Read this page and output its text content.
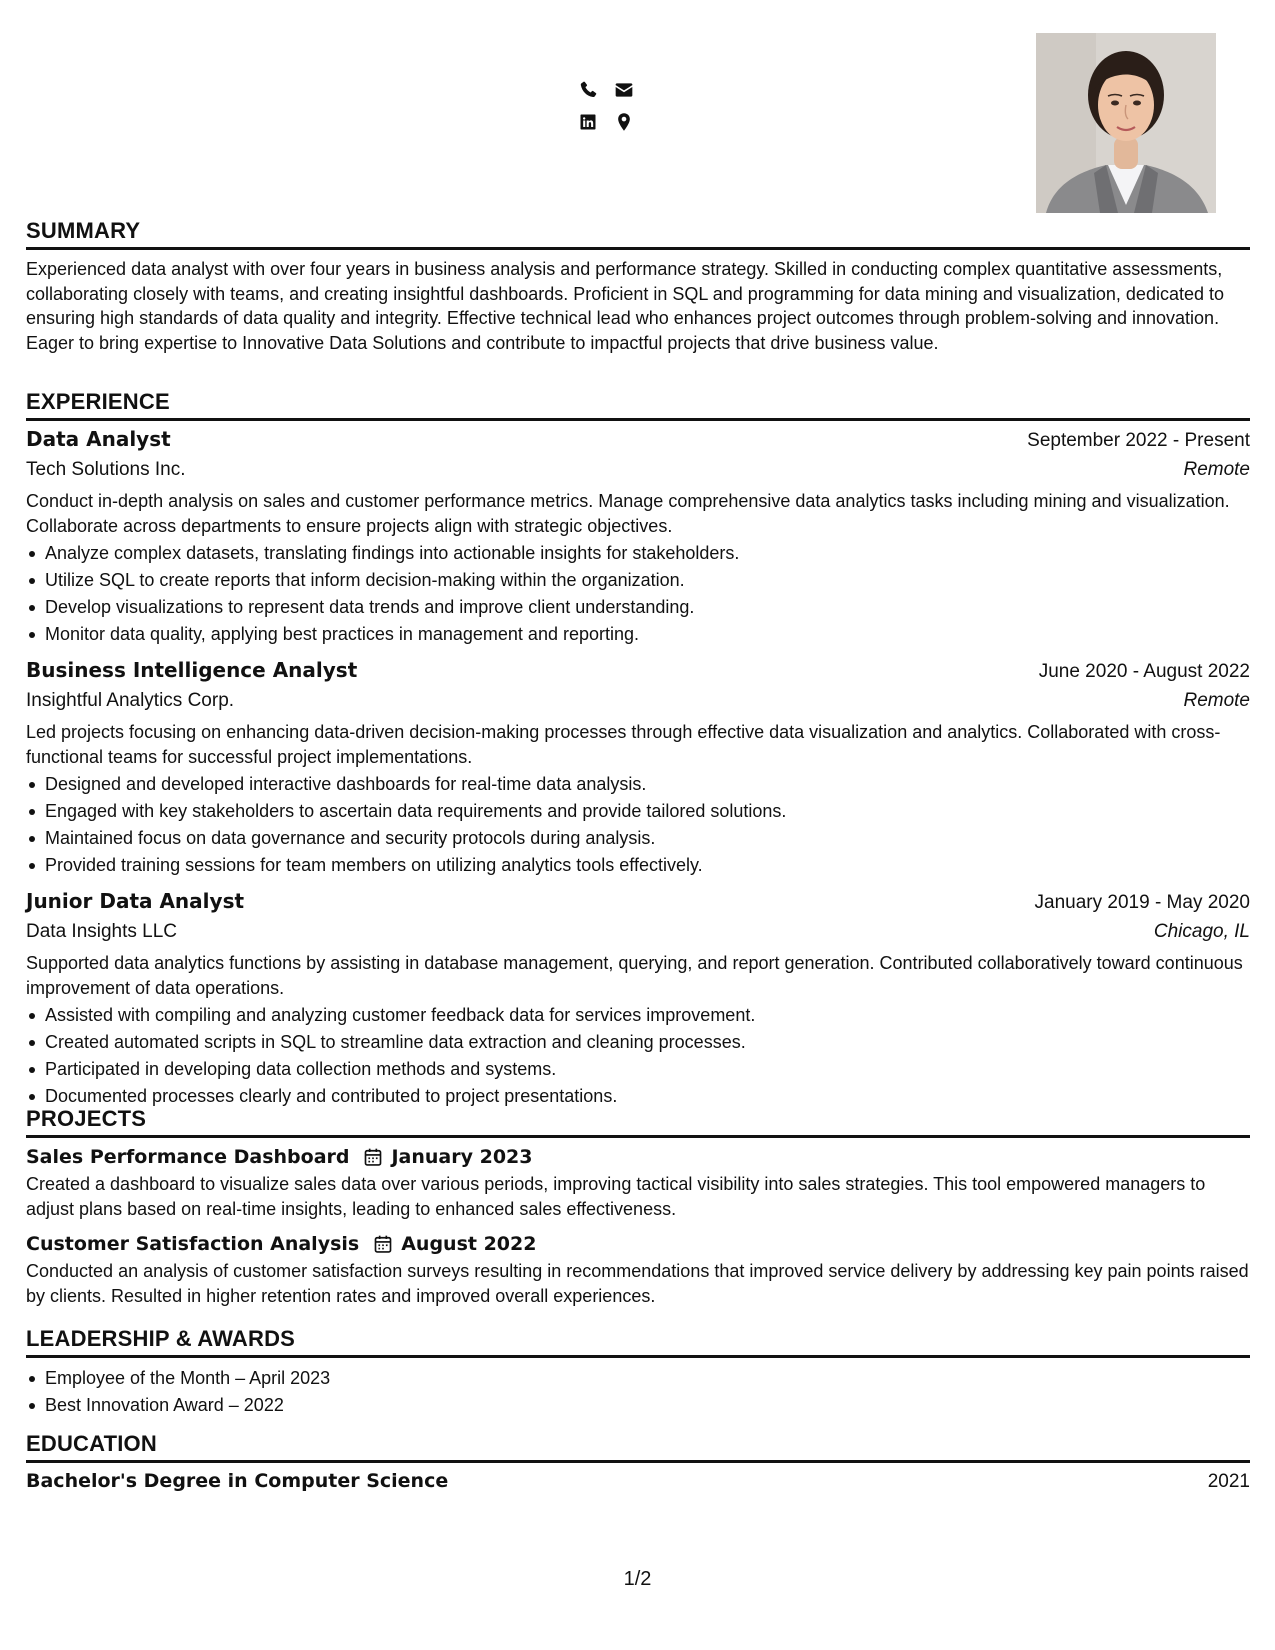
SUMMARY
Experienced data analyst with over four years in business analysis and performance strategy. Skilled in conducting complex quantitative assessments, collaborating closely with teams, and creating insightful dashboards. Proficient in SQL and programming for data mining and visualization, dedicated to ensuring high standards of data quality and integrity. Effective technical lead who enhances project outcomes through problem-solving and innovation. Eager to bring expertise to Innovative Data Solutions and contribute to impactful projects that drive business value.
EXPERIENCE
Data Analyst	September 2022 - Present
Tech Solutions Inc.	Remote
Conduct in-depth analysis on sales and customer performance metrics. Manage comprehensive data analytics tasks including mining and visualization. Collaborate across departments to ensure projects align with strategic objectives.
Analyze complex datasets, translating findings into actionable insights for stakeholders.
Utilize SQL to create reports that inform decision-making within the organization.
Develop visualizations to represent data trends and improve client understanding.
Monitor data quality, applying best practices in management and reporting.
Business Intelligence Analyst	June 2020 - August 2022
Insightful Analytics Corp.	Remote
Led projects focusing on enhancing data-driven decision-making processes through effective data visualization and analytics. Collaborated with cross-functional teams for successful project implementations.
Designed and developed interactive dashboards for real-time data analysis.
Engaged with key stakeholders to ascertain data requirements and provide tailored solutions.
Maintained focus on data governance and security protocols during analysis.
Provided training sessions for team members on utilizing analytics tools effectively.
Junior Data Analyst	January 2019 - May 2020
Data Insights LLC	Chicago, IL
Supported data analytics functions by assisting in database management, querying, and report generation. Contributed collaboratively toward continuous improvement of data operations.
Assisted with compiling and analyzing customer feedback data for services improvement.
Created automated scripts in SQL to streamline data extraction and cleaning processes.
Participated in developing data collection methods and systems.
Documented processes clearly and contributed to project presentations.
PROJECTS
Sales Performance Dashboard January 2023
Created a dashboard to visualize sales data over various periods, improving tactical visibility into sales strategies. This tool empowered managers to adjust plans based on real-time insights, leading to enhanced sales effectiveness.
Customer Satisfaction Analysis August 2022
Conducted an analysis of customer satisfaction surveys resulting in recommendations that improved service delivery by addressing key pain points raised by clients. Resulted in higher retention rates and improved overall experiences.
LEADERSHIP & AWARDS
Employee of the Month – April 2023
Best Innovation Award – 2022
EDUCATION
Bachelor's Degree in Computer Science	2021
1/2
